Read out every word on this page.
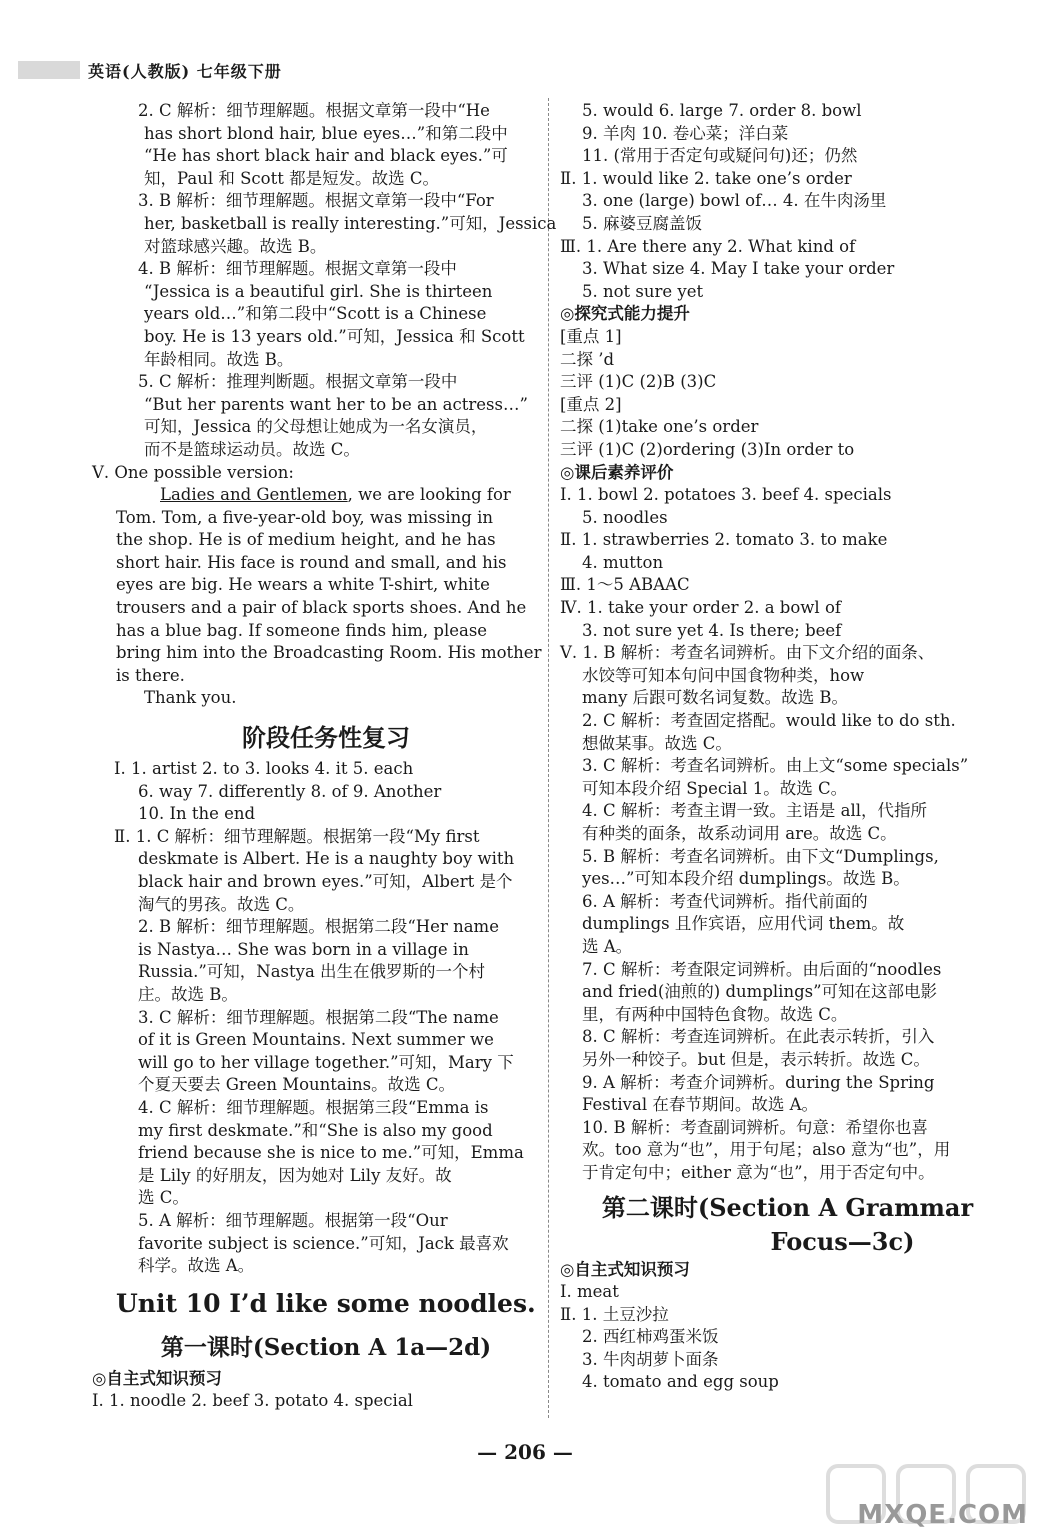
英语(人教版) 七年级下册
2. C 解析：细节理解题。根据文章第一段中“He
has short blond hair, blue eyes…”和第二段中
“He has short black hair and black eyes.”可
知，Paul 和 Scott 都是短发。故选 C。
3. B 解析：细节理解题。根据文章第一段中“For
her, basketball is really interesting.”可知，Jessica
对篮球感兴趣。故选 B。
4. B 解析：细节理解题。根据文章第一段中
“Jessica is a beautiful girl. She is thirteen
years old…”和第二段中“Scott is a Chinese
boy. He is 13 years old.”可知，Jessica 和 Scott
年龄相同。故选 B。
5. C 解析：推理判断题。根据文章第一段中
“But her parents want her to be an actress…”
可知，Jessica 的父母想让她成为一名女演员，
而不是篮球运动员。故选 C。
Ⅴ. One possible version:
Ladies and Gentlemen, we are looking for
Tom. Tom, a five-year-old boy, was missing in
the shop. He is of medium height, and he has
short hair. His face is round and small, and his
eyes are big. He wears a white T-shirt, white
trousers and a pair of black sports shoes. And he
has a blue bag. If someone finds him, please
bring him into the Broadcasting Room. His mother
is there.
Thank you.
阶段任务性复习
Ⅰ. 1. artist 2. to 3. looks 4. it 5. each
6. way 7. differently 8. of 9. Another
10. In the end
Ⅱ. 1. C 解析：细节理解题。根据第一段“My first
deskmate is Albert. He is a naughty boy with
black hair and brown eyes.”可知，Albert 是个
淘气的男孩。故选 C。
2. B 解析：细节理解题。根据第二段“Her name
is Nastya… She was born in a village in
Russia.”可知，Nastya 出生在俄罗斯的一个村
庄。故选 B。
3. C 解析：细节理解题。根据第二段“The name
of it is Green Mountains. Next summer we
will go to her village together.”可知，Mary 下
个夏天要去 Green Mountains。故选 C。
4. C 解析：细节理解题。根据第三段“Emma is
my first deskmate.”和“She is also my good
friend because she is nice to me.”可知，Emma
是 Lily 的好朋友，因为她对 Lily 友好。故
选 C。
5. A 解析：细节理解题。根据第一段“Our
favorite subject is science.”可知，Jack 最喜欢
科学。故选 A。
Unit 10 I’d like some noodles.
第一课时(Section A 1a—2d)
◎自主式知识预习
Ⅰ. 1. noodle 2. beef 3. potato 4. special
5. would 6. large 7. order 8. bowl
9. 羊肉 10. 卷心菜；洋白菜
11. (常用于否定句或疑问句)还；仍然
Ⅱ. 1. would like 2. take one’s order
3. one (large) bowl of… 4. 在牛肉汤里
5. 麻婆豆腐盖饭
Ⅲ. 1. Are there any 2. What kind of
3. What size 4. May I take your order
5. not sure yet
◎探究式能力提升
[重点 1]
二探 ’d
三评 (1)C (2)B (3)C
[重点 2]
二探 (1)take one’s order
三评 (1)C (2)ordering (3)In order to
◎课后素养评价
Ⅰ. 1. bowl 2. potatoes 3. beef 4. specials
5. noodles
Ⅱ. 1. strawberries 2. tomato 3. to make
4. mutton
Ⅲ. 1～5 ABAAC
Ⅳ. 1. take your order 2. a bowl of
3. not sure yet 4. Is there; beef
Ⅴ. 1. B 解析：考查名词辨析。由下文介绍的面条、
水饺等可知本句问中国食物种类，how
many 后跟可数名词复数。故选 B。
2. C 解析：考查固定搭配。would like to do sth.
想做某事。故选 C。
3. C 解析：考查名词辨析。由上文“some specials”
可知本段介绍 Special 1。故选 C。
4. C 解析：考查主谓一致。主语是 all，代指所
有种类的面条，故系动词用 are。故选 C。
5. B 解析：考查名词辨析。由下文“Dumplings,
yes…”可知本段介绍 dumplings。故选 B。
6. A 解析：考查代词辨析。指代前面的
dumplings 且作宾语，应用代词 them。故
选 A。
7. C 解析：考查限定词辨析。由后面的“noodles
and fried(油煎的) dumplings”可知在这部电影
里，有两种中国特色食物。故选 C。
8. C 解析：考查连词辨析。在此表示转折，引入
另外一种饺子。but 但是，表示转折。故选 C。
9. A 解析：考查介词辨析。during the Spring
Festival 在春节期间。故选 A。
10. B 解析：考查副词辨析。句意：希望你也喜
欢。too 意为“也”，用于句尾；also 意为“也”，用
于肯定句中；either 意为“也”，用于否定句中。
第二课时(Section A Grammar
Focus—3c)
◎自主式知识预习
Ⅰ. meat
Ⅱ. 1. 土豆沙拉
2. 西红柿鸡蛋米饭
3. 牛肉胡萝卜面条
4. tomato and egg soup
— 206 —
MXQE.COM
